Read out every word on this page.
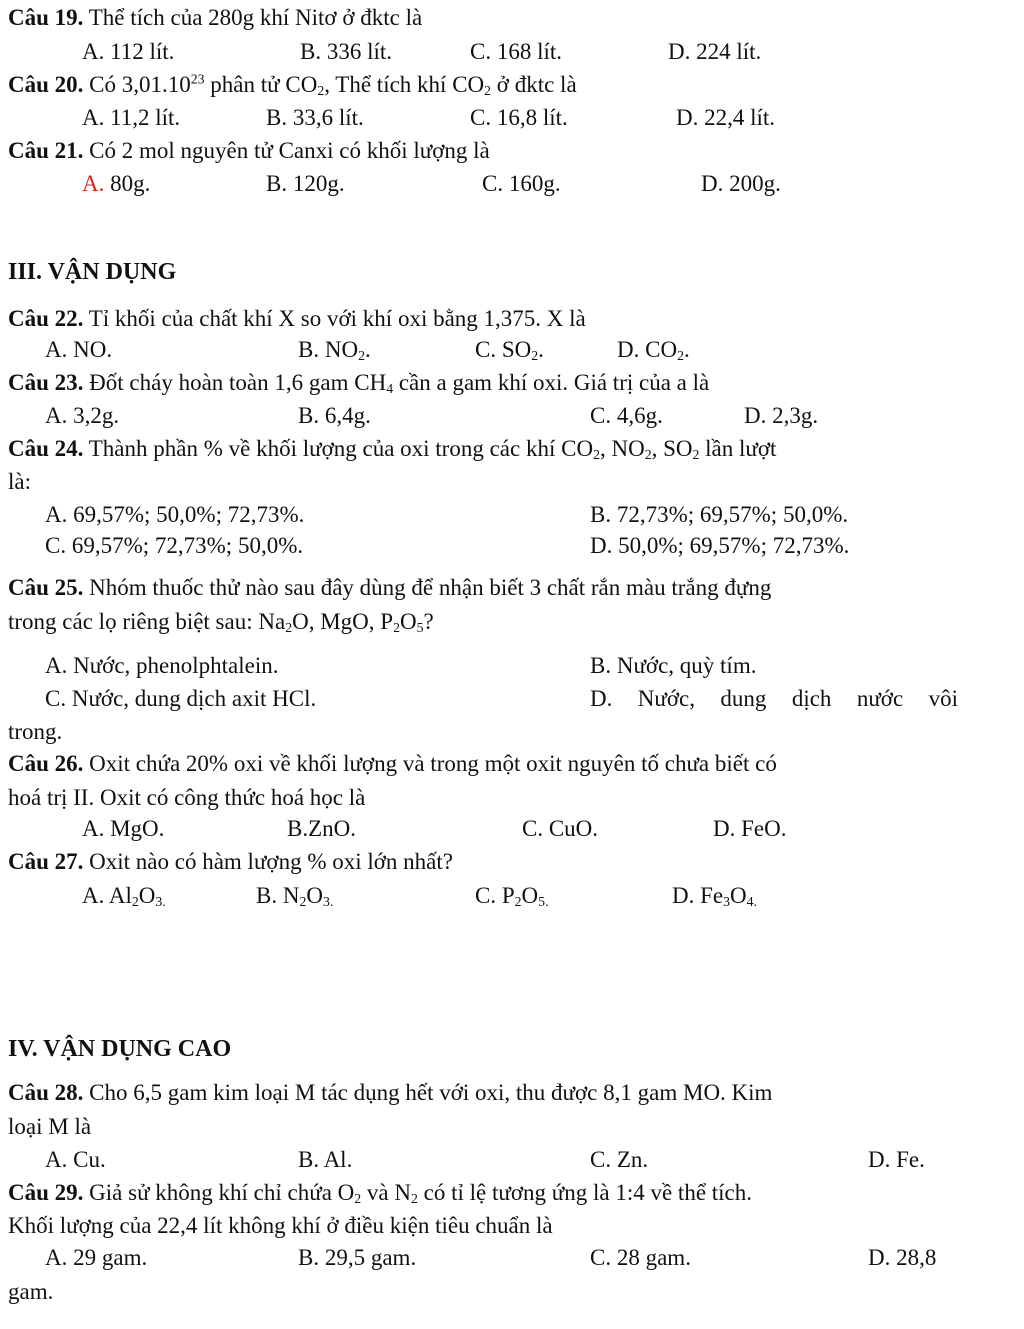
Câu 19. Thể tích của 280g khí Nitơ ở đktc là
A. 112 lít.	B. 336 lít.	C. 168 lít.	D. 224 lít.
Câu 20. Có 3,01.10$^{23}$ phân tử $CO_2$, Thể tích khí $CO_2$ ở đktc là
A. 11,2 lít.	B. 33,6 lít.	C. 16,8 lít.	D. 22,4 lít.
Câu 21. Có 2 mol nguyên tử Canxi có khối lượng là
A. 80g.	B. 120g.	C. 160g.	D. 200g.
III. VẬN DỤNG
Câu 22. Tỉ khối của chất khí X so với khí oxi bằng 1,375. X là
A. NO.	B. $NO_2$.	C. $SO_2$.	D. $CO_2$.
Câu 23. Đốt cháy hoàn toàn 1,6 gam $CH_4$ cần a gam khí oxi. Giá trị của a là
A. 3,2g.	B. 6,4g.	C. 4,6g.	D. 2,3g.
Câu 24. Thành phần % về khối lượng của oxi trong các khí $CO_2$, $NO_2$, $SO_2$ lần lượt
là:
A. 69,57%; 50,0%; 72,73%.	B. 72,73%; 69,57%; 50,0%.
C. 69,57%; 72,73%; 50,0%.	D. 50,0%; 69,57%; 72,73%.
Câu 25. Nhóm thuốc thử nào sau đây dùng để nhận biết 3 chất rắn màu trắng đựng
trong các lọ riêng biệt sau: $Na_2O$, MgO, $P_2O_5$?
A. Nước, phenolphtalein.	B. Nước, quỳ tím.
C. Nước, dung dịch axit HCl.	D. Nước, dung dịch nước vôi
trong.
Câu 26. Oxit chứa 20% oxi về khối lượng và trong một oxit nguyên tố chưa biết có
hoá trị II. Oxit có công thức hoá học là
A. MgO.	B.ZnO.	C. CuO.	D. FeO.
Câu 27. Oxit nào có hàm lượng % oxi lớn nhất?
A. $Al_2O_{3.}$	B. $N_2O_{3.}$	C. $P_2O_{5.}$	D. $Fe_3O_{4.}$
IV. VẬN DỤNG CAO
Câu 28. Cho 6,5 gam kim loại M tác dụng hết với oxi, thu được 8,1 gam MO. Kim
loại M là
A. Cu.	B. Al.	C. Zn.	D. Fe.
Câu 29. Giả sử không khí chỉ chứa $O_2$ và $N_2$ có tỉ lệ tương ứng là 1:4 về thể tích.
Khối lượng của 22,4 lít không khí ở điều kiện tiêu chuẩn là
A. 29 gam.	B. 29,5 gam.	C. 28 gam.	D. 28,8
gam.
